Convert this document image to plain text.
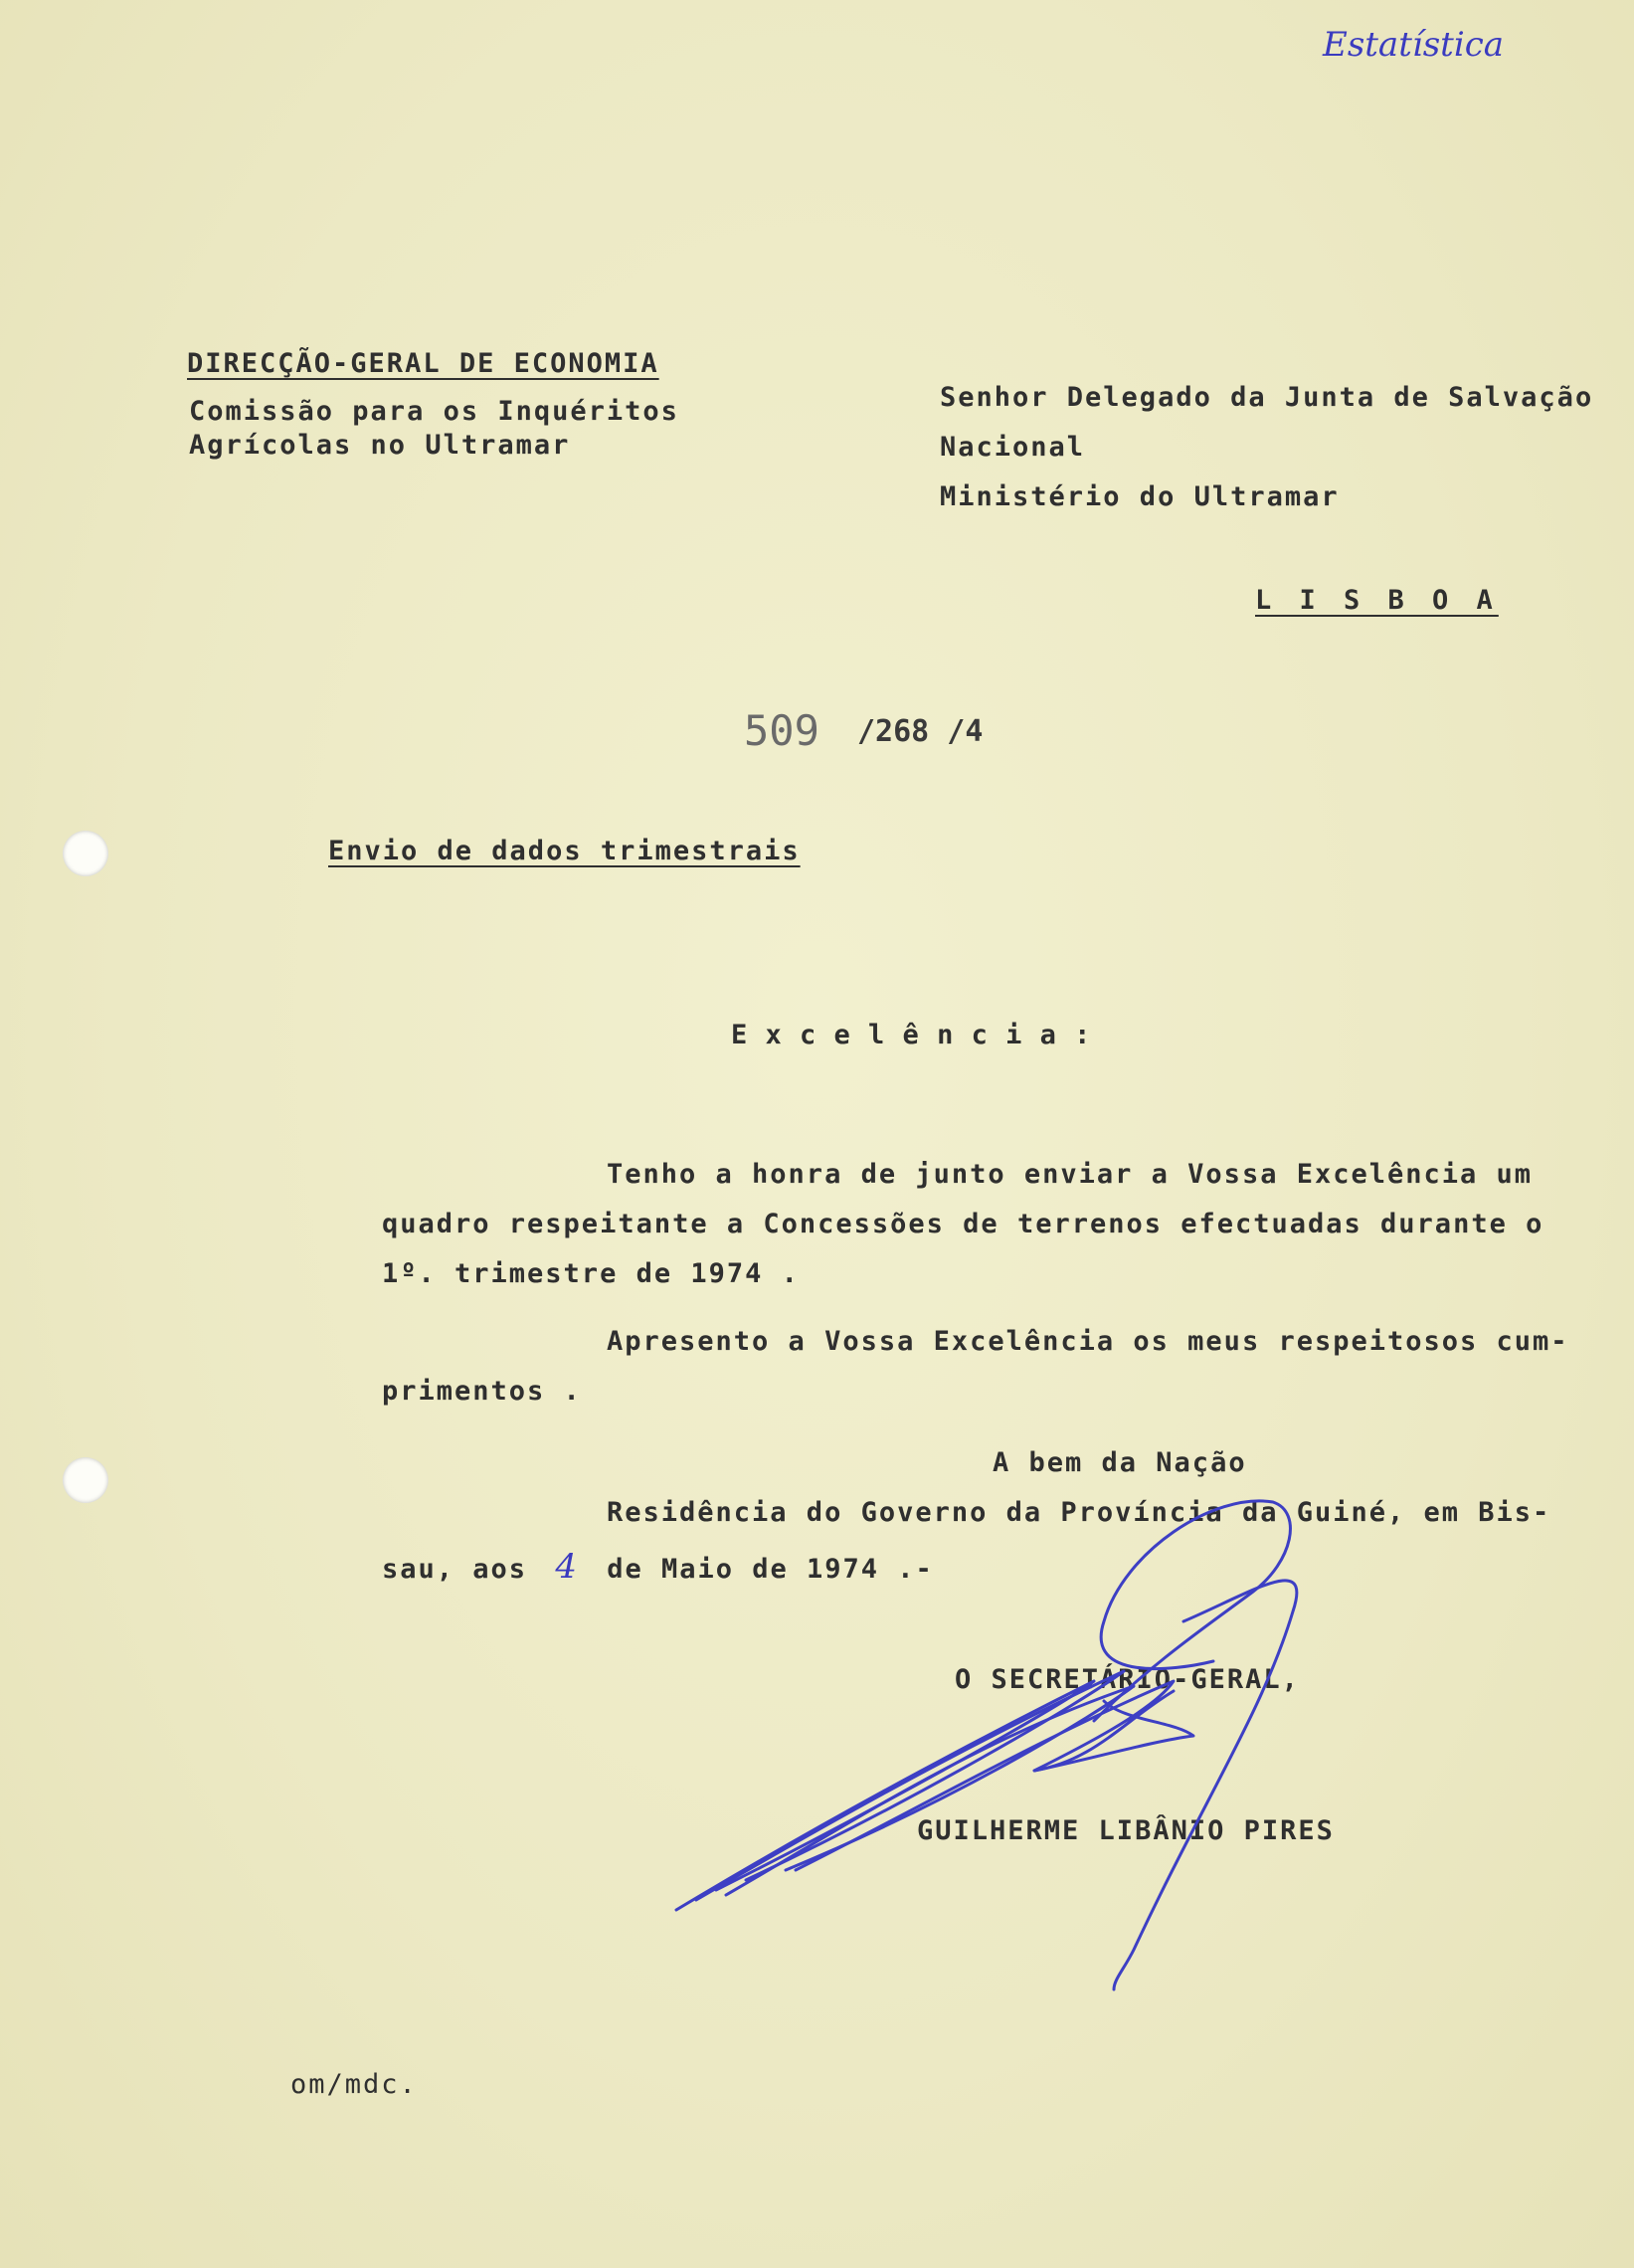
Estatística
DIRECÇÃO-GERAL DE ECONOMIA
Comissão para os Inquéritos
Agrícolas no Ultramar
Senhor Delegado da Junta de Salvação
Nacional
Ministério do Ultramar
L I S B O A
509 /268 /4
Envio de dados trimestrais
E x c e l ê n c i a :
Tenho a honra de junto enviar a Vossa Excelência um
quadro respeitante a Concessões de terrenos efectuadas durante o
1º. trimestre de 1974 .
Apresento a Vossa Excelência os meus respeitosos cum-
primentos .
A bem da Nação
Residência do Governo da Província da Guiné, em Bis-
sau, aos 4 de Maio de 1974 .-
O SECRETÁRIO-GERAL,
GUILHERME LIBÂNIO PIRES
om/mdc.
